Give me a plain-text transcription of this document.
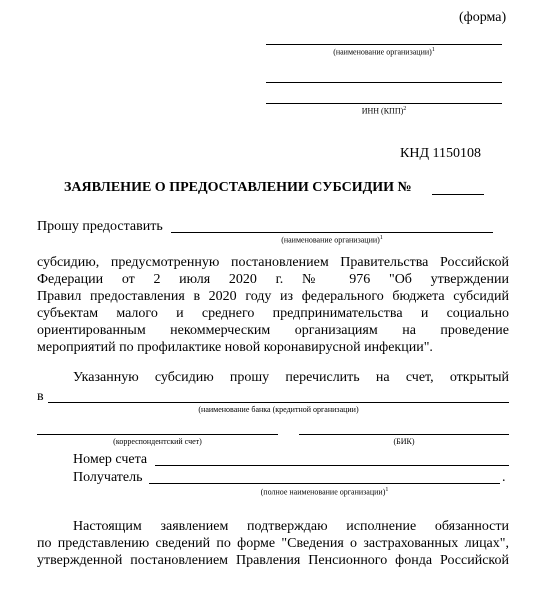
(форма)
(наименование организации)$^1$
ИНН (КПП)$^2$
КНД 1150108
ЗАЯВЛЕНИЕ О ПРЕДОСТАВЛЕНИИ СУБСИДИИ №
Прошу предоставить
(наименование организации)$^1$
субсидию, предусмотренную постановлением Правительства Российской
Федерации от 2 июля 2020 г. № 976 "Об утверждении
Правил предоставления в 2020 году из федерального бюджета субсидий
субъектам малого и среднего предпринимательства и социально
ориентированным некоммерческим организациям на проведение
мероприятий по профилактике новой коронавирусной инфекции".
Указанную субсидию прошу перечислить на счет, открытый
в
(наименование банка (кредитной организации)
(корреспондентский счет)	(БИК)
Номер счета
Получатель	.
(полное наименование организации)$^1$
Настоящим заявлением подтверждаю исполнение обязанности
по представлению сведений по форме "Сведения о застрахованных лицах",
утвержденной постановлением Правления Пенсионного фонда Российской
